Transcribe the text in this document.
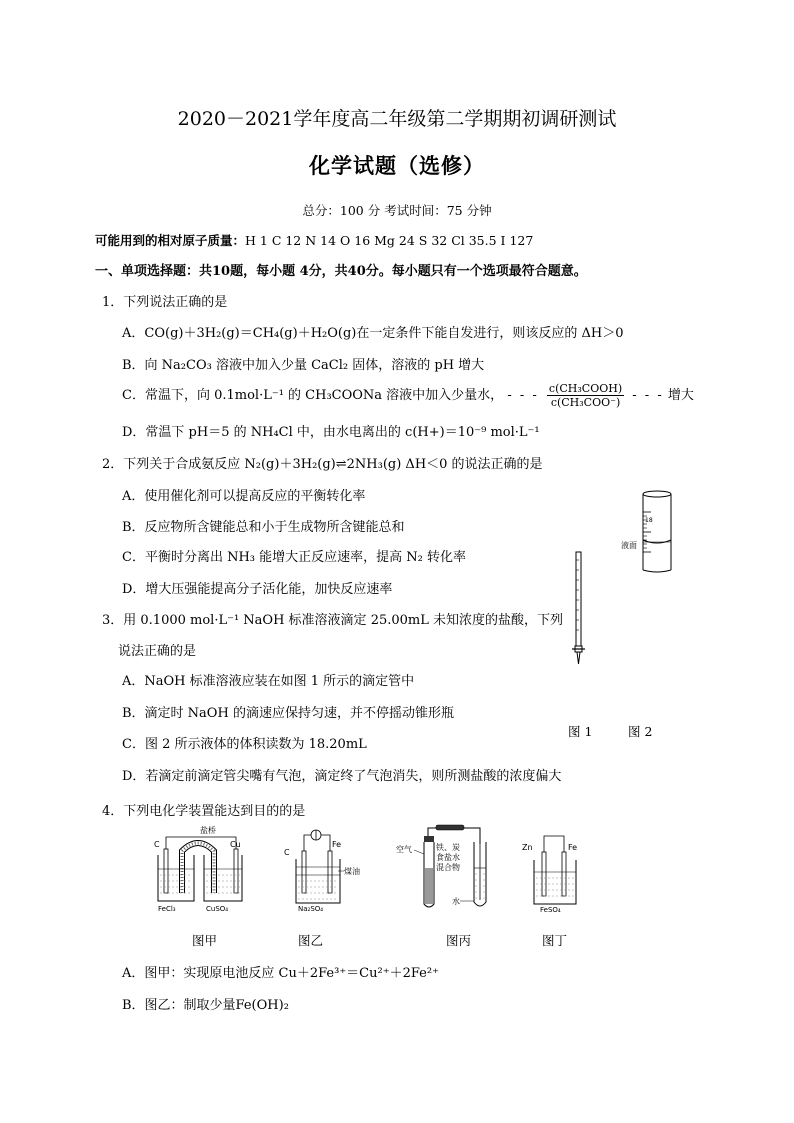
2020－2021学年度高二年级第二学期期初调研测试
化学试题（选修）
总分：100 分 考试时间：75 分钟
可能用到的相对原子质量：H 1 C 12 N 14 O 16 Mg 24 S 32 Cl 35.5 I 127
一、单项选择题：共10题，每小题 4分，共40分。每小题只有一个选项最符合题意。
1．下列说法正确的是
A．CO(g)＋3H₂(g)＝CH₄(g)＋H₂O(g)在一定条件下能自发进行，则该反应的 ΔH＞0
B．向 Na₂CO₃ 溶液中加入少量 CaCl₂ 固体，溶液的 pH 增大
C．常温下，向 0.1mol·L⁻¹ 的 CH₃COONa 溶液中加入少量水， - - - $\frac{\text{c(CH₃COOH)}}{\text{c(CH₃COO⁻)}}$ - - - 增大
D．常温下 pH＝5 的 NH₄Cl 中，由水电离出的 c(H+)＝10⁻⁹ mol·L⁻¹
2．下列关于合成氨反应 N₂(g)＋3H₂(g)⇌2NH₃(g) ΔH＜0 的说法正确的是
A．使用催化剂可以提高反应的平衡转化率
B．反应物所含键能总和小于生成物所含键能总和
C．平衡时分离出 NH₃ 能增大正反应速率，提高 N₂ 转化率
D．增大压强能提高分子活化能，加快反应速率
3．用 0.1000 mol·L⁻¹ NaOH 标准溶液滴定 25.00mL 未知浓度的盐酸，下列
说法正确的是
A．NaOH 标准溶液应装在如图 1 所示的滴定管中
B．滴定时 NaOH 的滴速应保持匀速，并不停摇动锥形瓶
C．图 2 所示液体的体积读数为 18.20mL
D．若滴定前滴定管尖嘴有气泡，滴定终了气泡消失，则所测盐酸的浓度偏大
液面
18
图 1	图 2
4．下列电化学装置能达到目的的是
盐桥
C	Cu
FeCl₃	CuSO₄
C
Fe
煤油
Na₂SO₄
空气	铁、炭
食盐水
混合物
水
Zn	Fe
FeSO₄
图甲	图乙	图丙	图丁
A．图甲：实现原电池反应 Cu＋2Fe³⁺＝Cu²⁺＋2Fe²⁺
B．图乙：制取少量Fe(OH)₂
